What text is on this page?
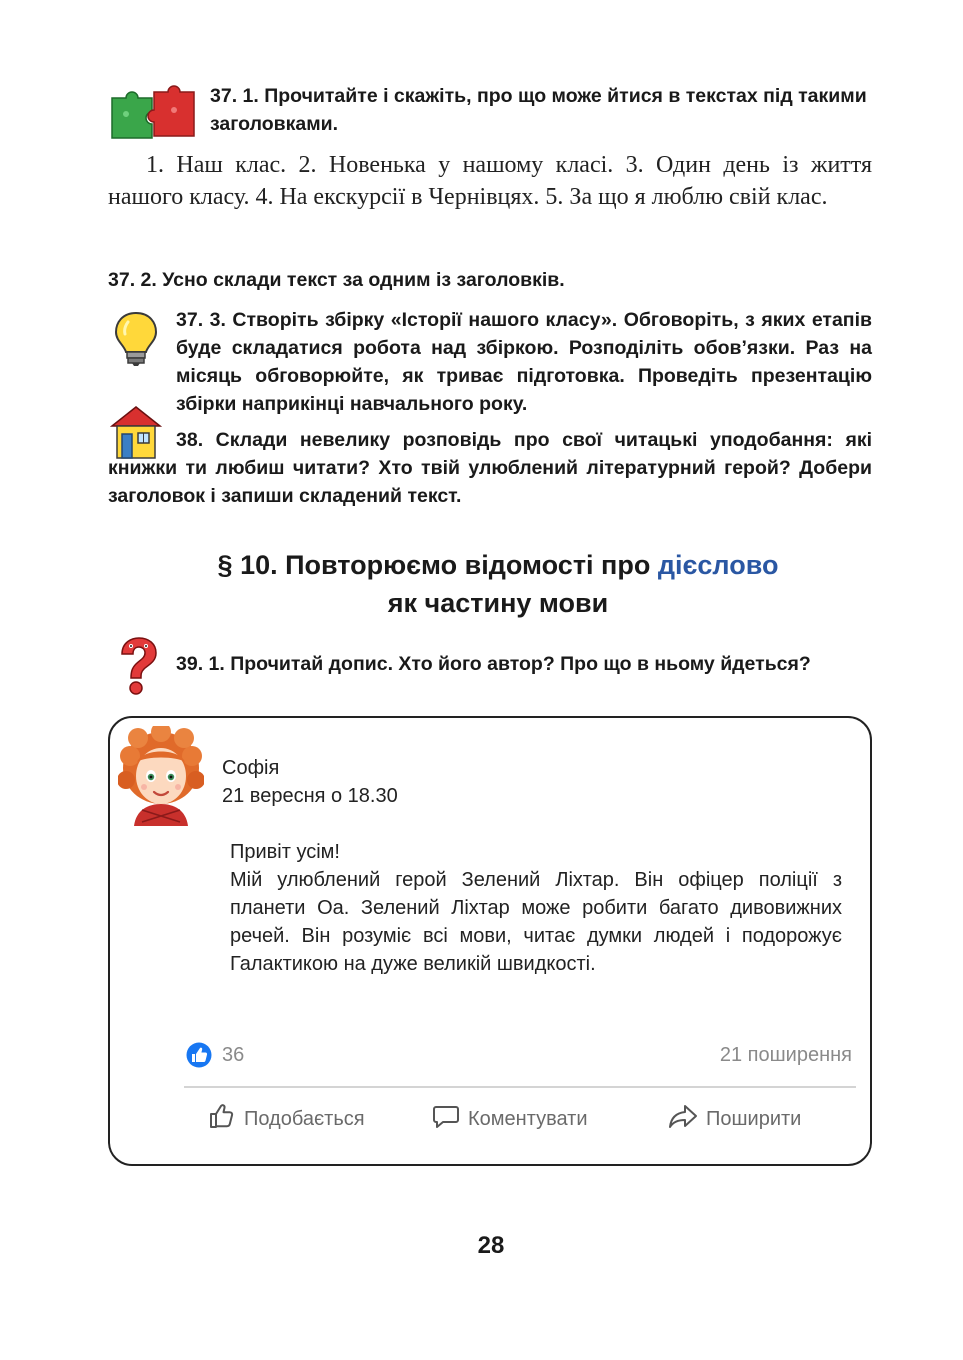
37. 1. Прочитайте і скажіть, про що може йтися в текстах під такими заголовками.
1. Наш клас. 2. Новенька у нашому класі. 3. Один день із життя нашого класу. 4. На екскурсії в Чернівцях. 5. За що я люблю свій клас.
37. 2. Усно склади текст за одним із заголовків.
37. 3. Створіть збірку «Історії нашого класу». Обговоріть, з яких етапів буде складатися робота над збіркою. Розподіліть обов’язки. Раз на місяць обговорюйте, як триває підготовка. Проведіть презентацію збірки наприкінці навчального року.
38. Склади невелику розповідь про свої читацькі уподобання: які книжки ти любиш читати? Хто твій улюблений літературний герой? Добери заголовок і запиши складений текст.
§ 10. Повторюємо відомості про дієслово
як частину мови
39. 1. Прочитай допис. Хто його автор? Про що в ньому йдеться?
Софія
21 вересня о 18.30
Привіт усім!
Мій улюблений герой Зелений Ліхтар. Він офіцер поліції з планети Оа. Зелений Ліхтар може робити багато дивовижних речей. Він розуміє всі мови, читає думки людей і подорожує Галактикою на дуже великій швидкості.
36	21 поширення
Подобається	Коментувати	Поширити
28
